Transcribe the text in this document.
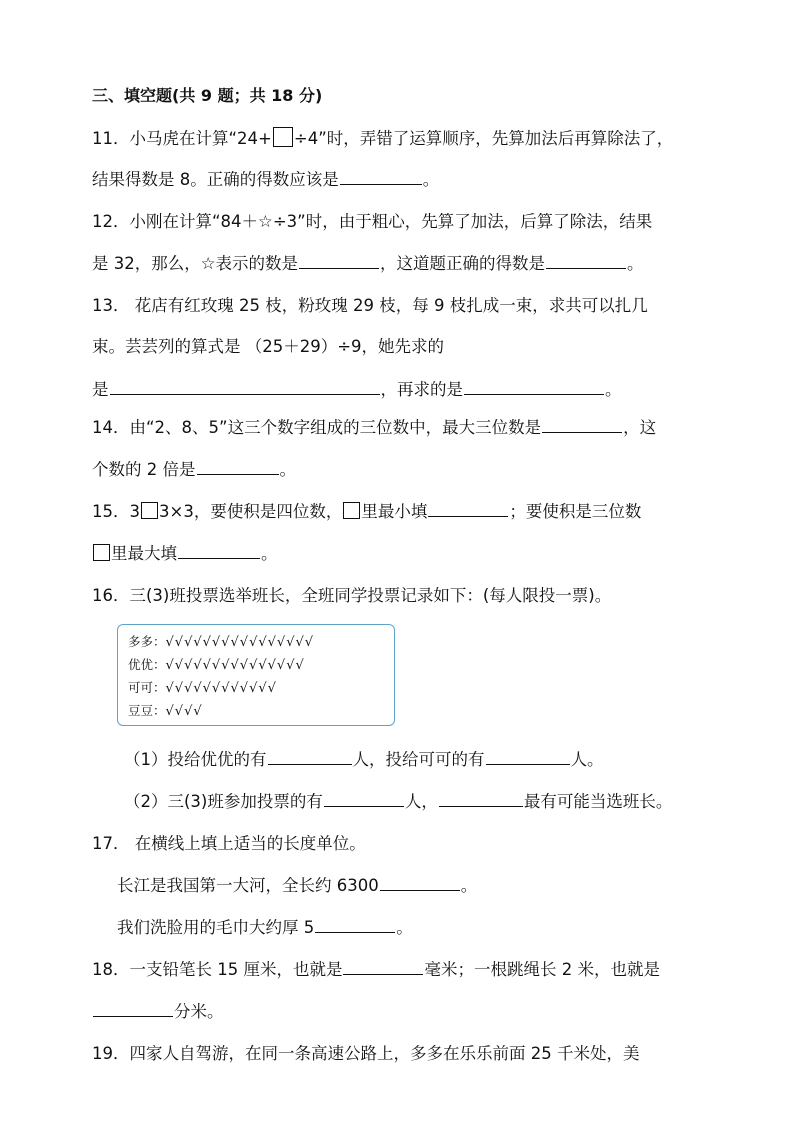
三、填空题(共 9 题；共 18 分)
11．小马虎在计算“24+ ÷4”时，弄错了运算顺序，先算加法后再算除法了，
结果得数是 8。正确的得数应该是	。
12．小刚在计算“84＋☆÷3”时，由于粗心，先算了加法，后算了除法，结果
是 32，那么，☆表示的数是	，这道题正确的得数是	。
13． 花店有红玫瑰 25 枝，粉玫瑰 29 枝，每 9 枝扎成一束，求共可以扎几
束。芸芸列的算式是 （25＋29）÷9，她先求的
是	，再求的是	。
14．由“2、8、5”这三个数字组成的三位数中，最大三位数是	，这
个数的 2 倍是	。
15．3 3×3，要使积是四位数， 里最小填	；要使积是三位数
里最大填	。
16．三(3)班投票选举班长，全班同学投票记录如下：(每人限投一票)。
多多：√√√√√√√√√√√√√√√√
优优：√√√√√√√√√√√√√√√
可可：√√√√√√√√√√√√
豆豆：√√√√
（1）投给优优的有	人，投给可可的有	人。
（2）三(3)班参加投票的有	人，	最有可能当选班长。
17． 在横线上填上适当的长度单位。
长江是我国第一大河，全长约 6300	。
我们洗脸用的毛巾大约厚 5	。
18．一支铅笔长 15 厘米，也就是	毫米；一根跳绳长 2 米，也就是
分米。
19．四家人自驾游，在同一条高速公路上，多多在乐乐前面 25 千米处，美
